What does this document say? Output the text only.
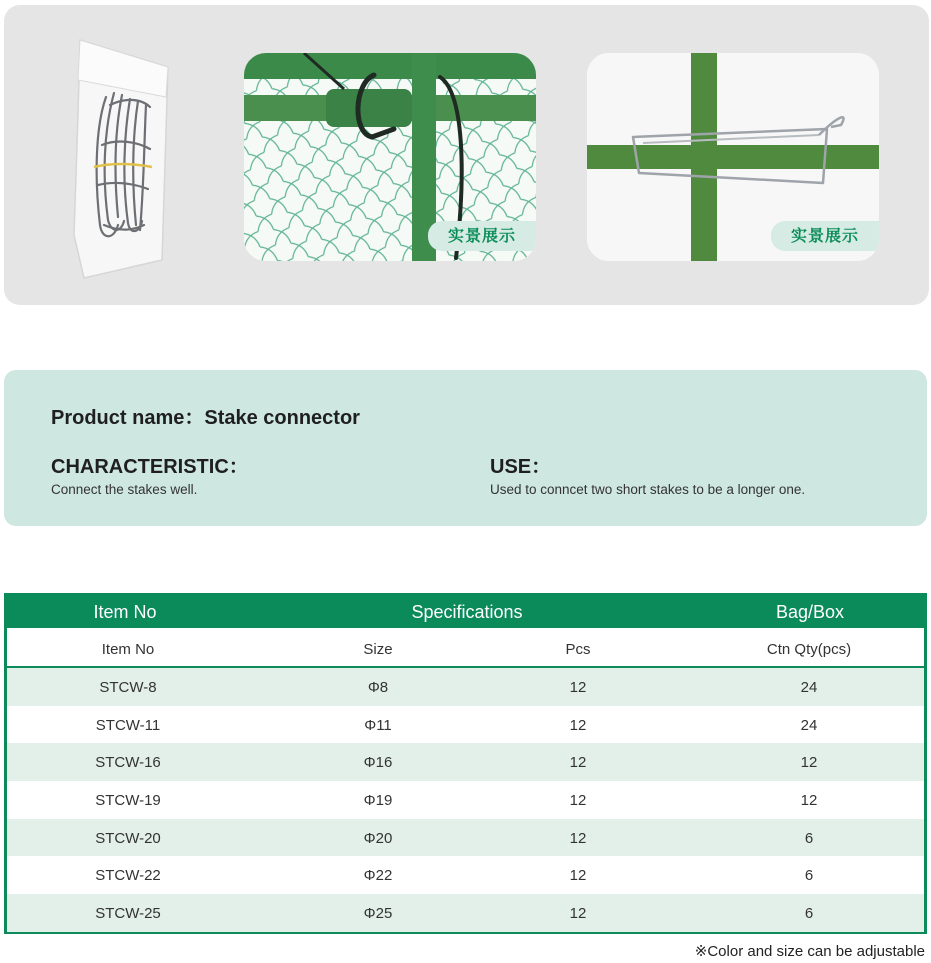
实景展示	实景展示
Product name：Stake connector
CHARACTERISTIC：
Connect the stakes well.
USE：
Used to conncet two short stakes to be a longer one.
Item No	Specifications	Bag/Box
Item No	Size	Pcs	Ctn Qty(pcs)
STCW-8	Φ8	12	24
STCW-11	Φ11	12	24
STCW-16	Φ16	12	12
STCW-19	Φ19	12	12
STCW-20	Φ20	12	6
STCW-22	Φ22	12	6
STCW-25	Φ25	12	6
※Color and size can be adjustable
